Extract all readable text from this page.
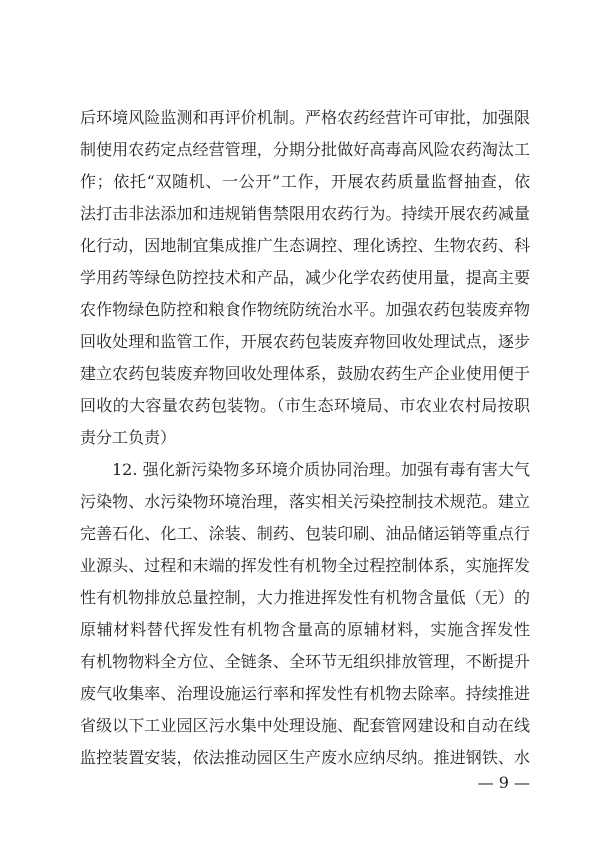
后环境风险监测和再评价机制。严格农药经营许可审批，加强限
制使用农药定点经营管理，分期分批做好高毒高风险农药淘汰工
作；依托“双随机、一公开”工作，开展农药质量监督抽查，依
法打击非法添加和违规销售禁限用农药行为。持续开展农药减量
化行动，因地制宜集成推广生态调控、理化诱控、生物农药、科
学用药等绿色防控技术和产品，减少化学农药使用量，提高主要
农作物绿色防控和粮食作物统防统治水平。加强农药包装废弃物
回收处理和监管工作，开展农药包装废弃物回收处理试点，逐步
建立农药包装废弃物回收处理体系，鼓励农药生产企业使用便于
回收的大容量农药包装物。（市生态环境局、市农业农村局按职
责分工负责）
12. 强化新污染物多环境介质协同治理。加强有毒有害大气
污染物、水污染物环境治理，落实相关污染控制技术规范。建立
完善石化、化工、涂装、制药、包装印刷、油品储运销等重点行
业源头、过程和末端的挥发性有机物全过程控制体系，实施挥发
性有机物排放总量控制，大力推进挥发性有机物含量低（无）的
原辅材料替代挥发性有机物含量高的原辅材料，实施含挥发性
有机物物料全方位、全链条、全环节无组织排放管理，不断提升
废气收集率、治理设施运行率和挥发性有机物去除率。持续推进
省级以下工业园区污水集中处理设施、配套管网建设和自动在线
监控装置安装，依法推动园区生产废水应纳尽纳。推进钢铁、水
— 9 —
